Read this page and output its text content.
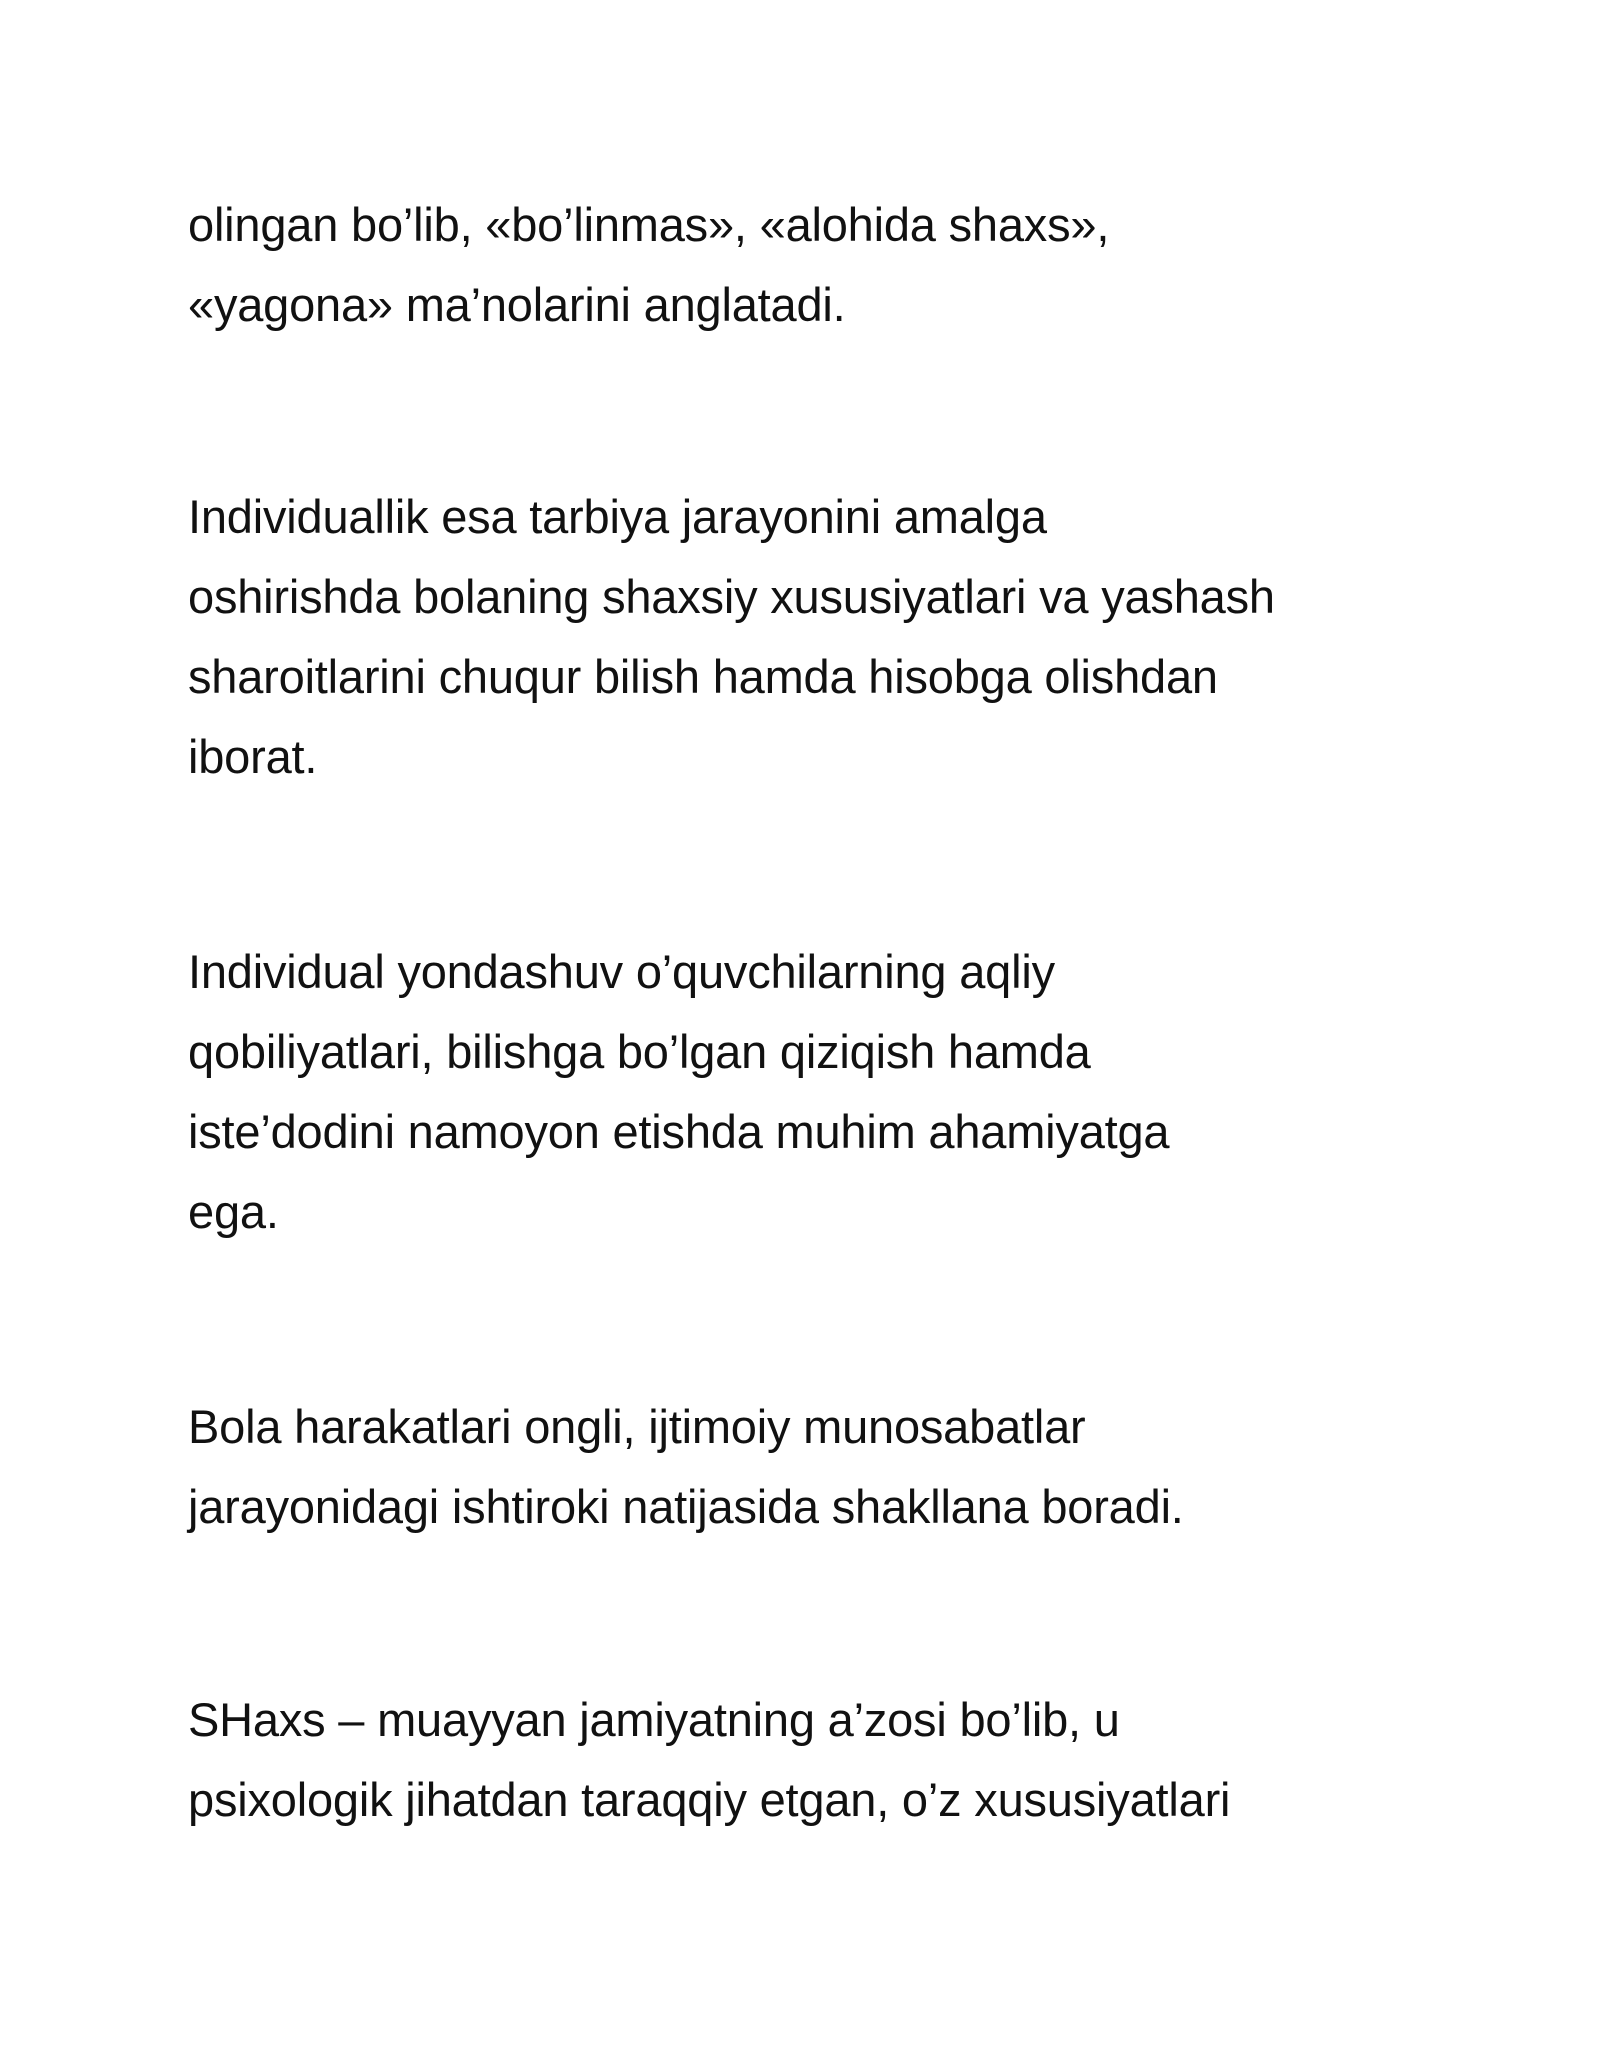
olingan bo’lib, «bo’linmas», «alohida shaxs»,
«yagona» ma’nolarini anglatadi.

Individuallik esa tarbiya jarayonini amalga
oshirishda bolaning shaxsiy xususiyatlari va yashash
sharoitlarini chuqur bilish hamda hisobga olishdan
iborat.

Individual yondashuv o’quvchilarning aqliy
qobiliyatlari, bilishga bo’lgan qiziqish hamda
iste’dodini namoyon etishda muhim ahamiyatga
ega.

Bola harakatlari ongli, ijtimoiy munosabatlar
jarayonidagi ishtiroki natijasida shakllana boradi.

SHaxs – muayyan jamiyatning a’zosi bo’lib, u
psixologik jihatdan taraqqiy etgan, o’z xususiyatlari
